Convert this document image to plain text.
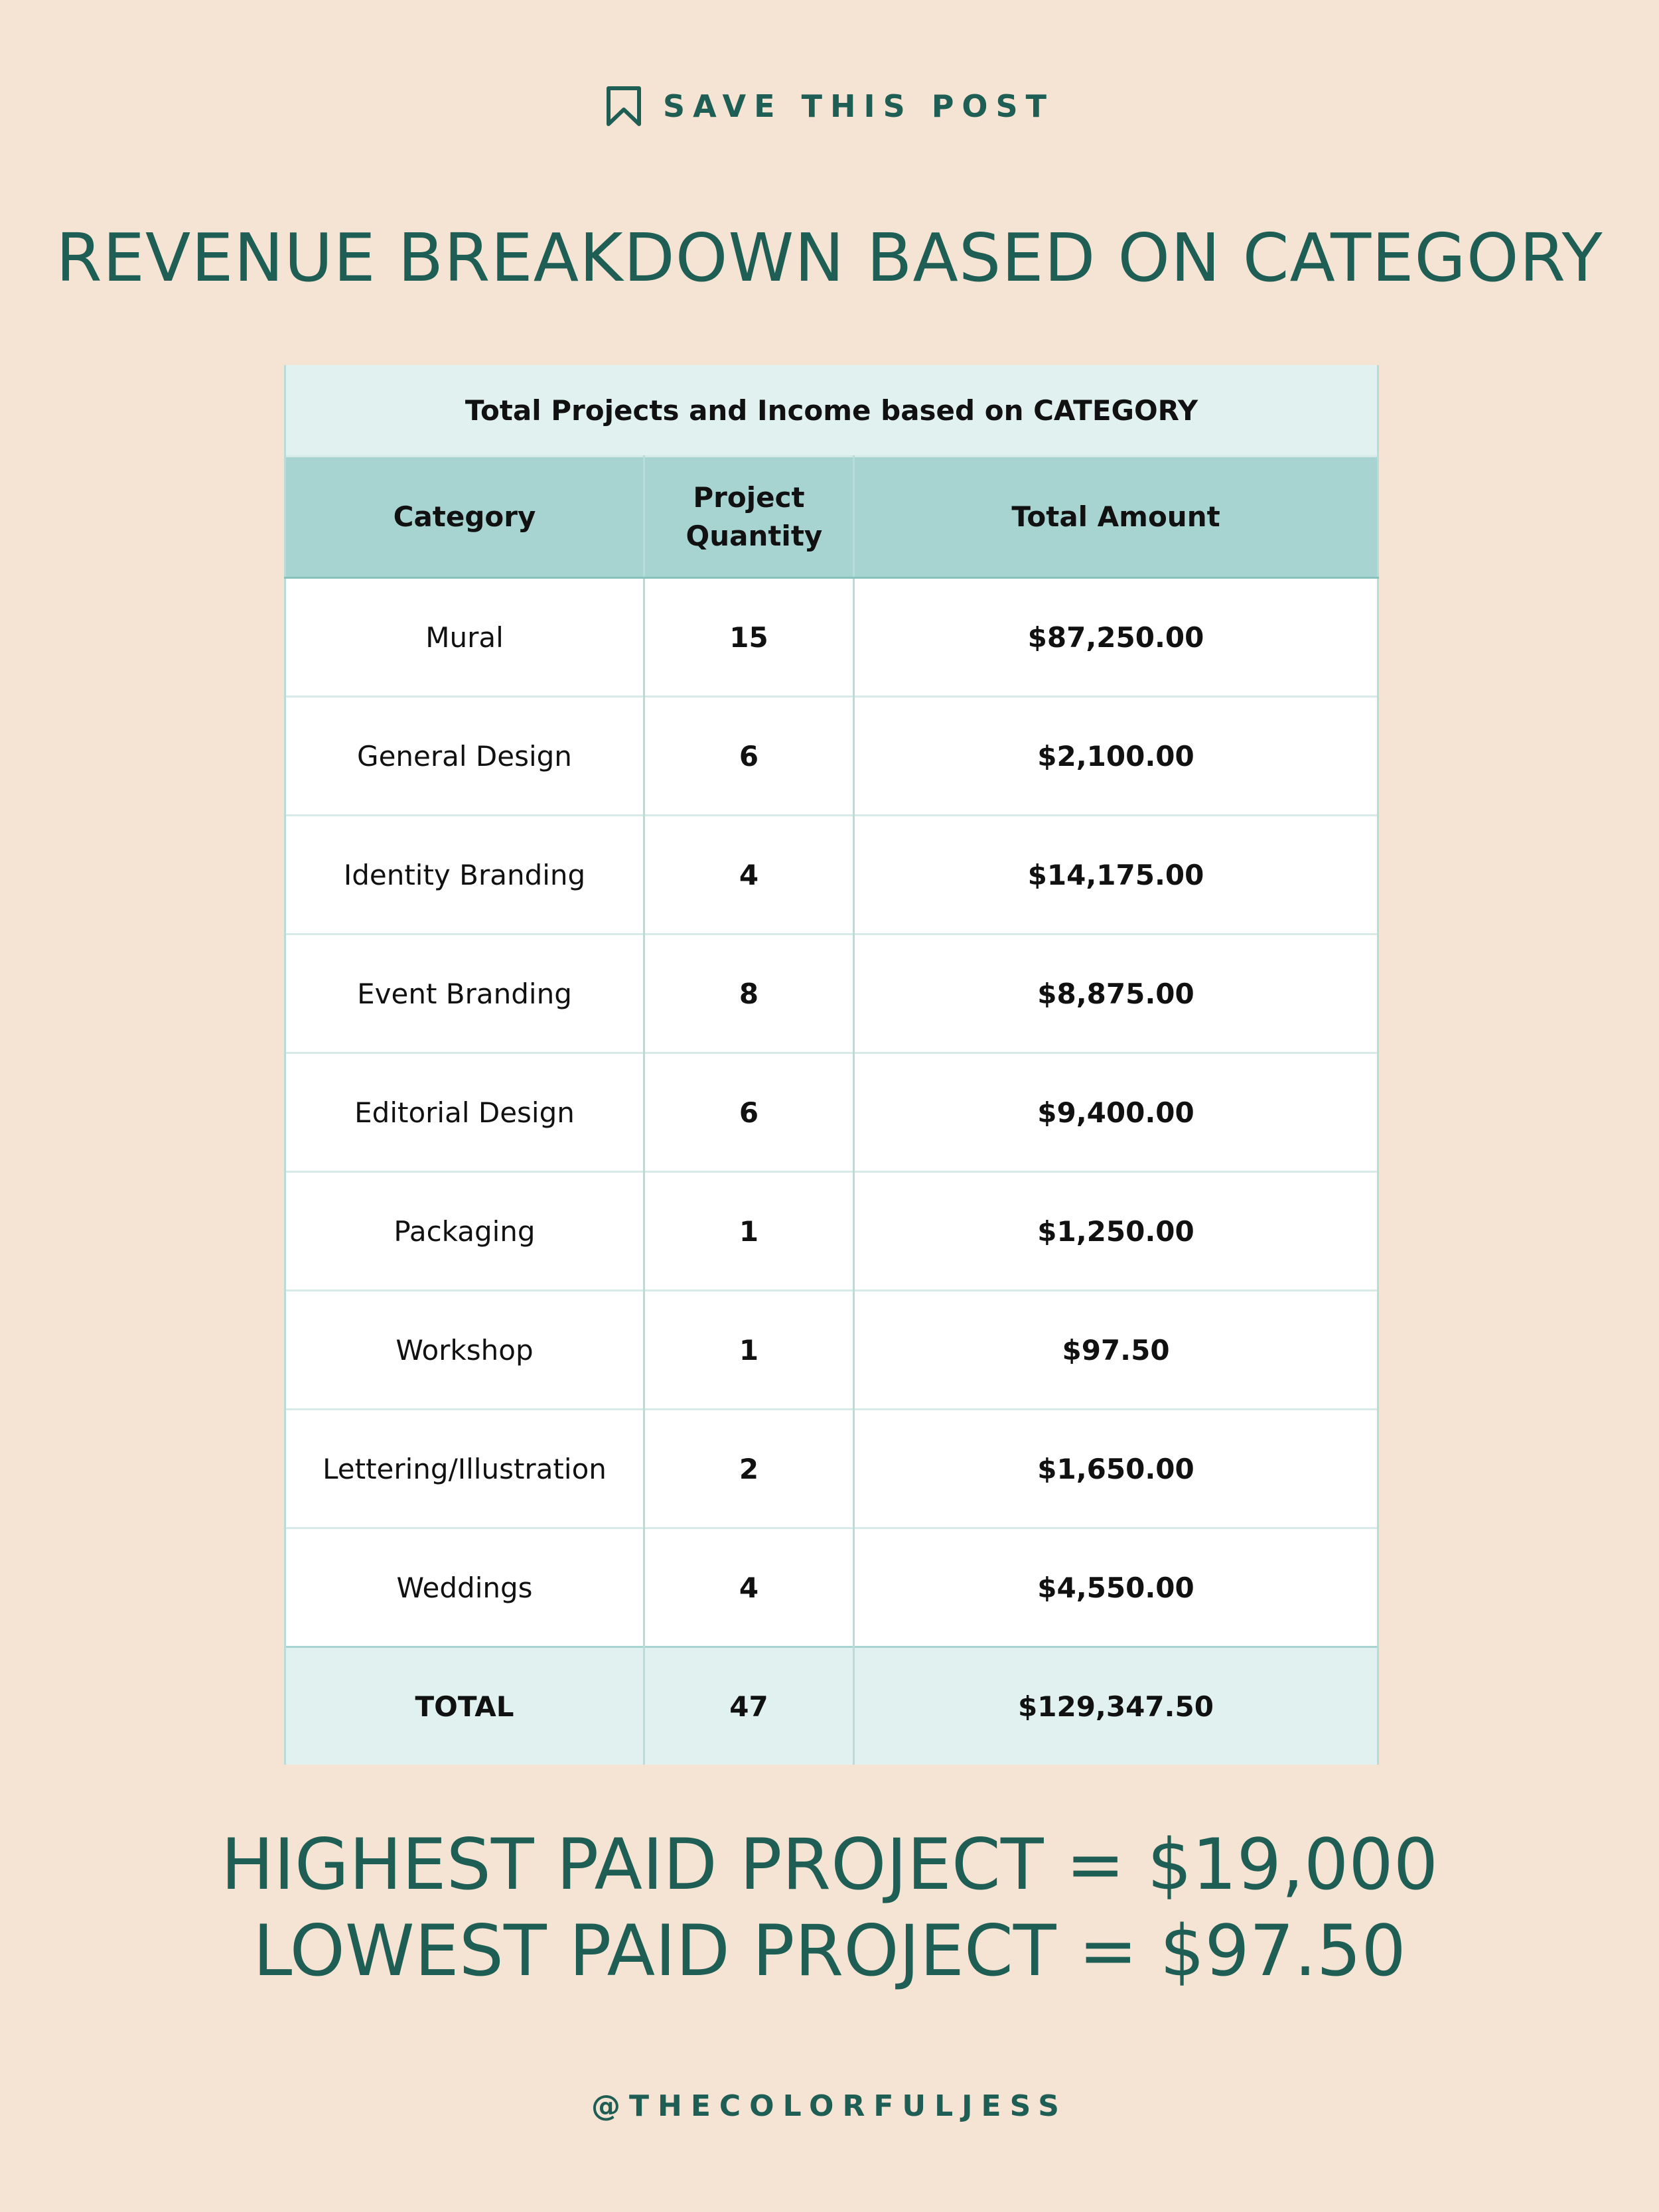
SAVE THIS POST
REVENUE BREAKDOWN BASED ON CATEGORY
Total Projects and Income based on CATEGORY		
Category	Project Quantity	Total Amount
Mural	15	$87,250.00
General Design	6	$2,100.00
Identity Branding	4	$14,175.00
Event Branding	8	$8,875.00
Editorial Design	6	$9,400.00
Packaging	1	$1,250.00
Workshop	1	$97.50
Lettering/Illustration	2	$1,650.00
Weddings	4	$4,550.00
TOTAL	47	$129,347.50
HIGHEST PAID PROJECT = $19,000
LOWEST PAID PROJECT = $97.50
@THECOLORFULJESS
